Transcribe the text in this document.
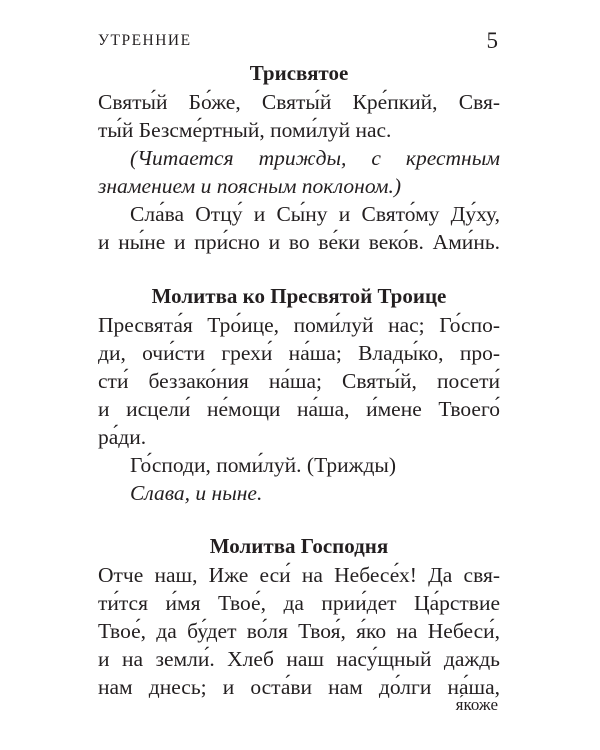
УТРЕННИЕ	5
Трисвятое
Святы́й Бо́же, Святы́й Кре́пкий, Свя-
ты́й Безсме́ртный, поми́луй нас.
(Читается трижды, с крестным
знамением и поясным поклоном.)
Сла́ва Отцу́ и Сы́ну и Свято́му Ду́ху,
и ны́не и при́сно и во ве́ки веко́в. Ами́нь.
Молитва ко Пресвятой Троице
Пресвята́я Тро́ице, поми́луй нас; Го́спо-
ди, очи́сти грехи́ на́ша; Влады́ко, про-
сти́ беззако́ния на́ша; Святы́й, посети́
и исцели́ не́мощи на́ша, и́мене Твоего́
ра́ди.
Го́споди, поми́луй. (Трижды)
Слава, и ныне.
Молитва Господня
Отче наш, Иже еси́ на Небесе́х! Да свя-
ти́тся и́мя Твое́, да прии́дет Ца́рствие
Твое́, да бу́дет во́ля Твоя́, я́ко на Небеси́,
и на земли́. Хлеб наш насу́щный даждь
нам днесь; и оста́ви нам до́лги на́ша,
я́коже
